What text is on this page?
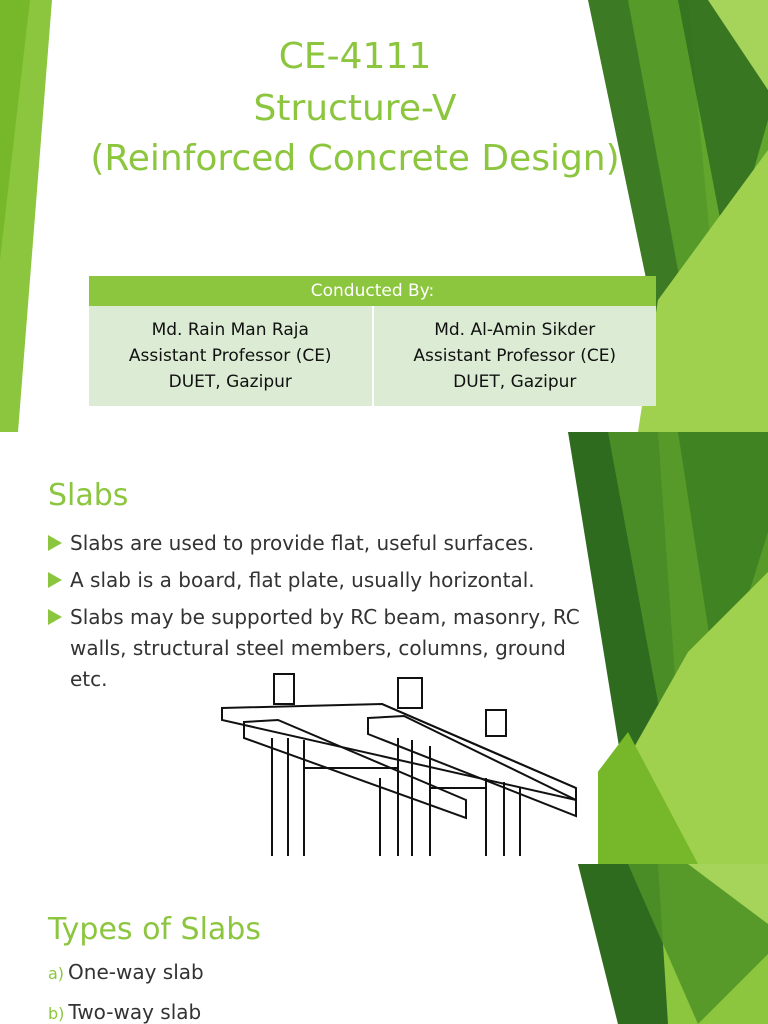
CE-4111
Structure-V
(Reinforced Concrete Design)
Conducted By:

Md. Rain Man Raja
Assistant Professor (CE)
DUET, Gazipur

Md. Al-Amin Sikder
Assistant Professor (CE)
DUET, Gazipur
Slabs
Slabs are used to provide flat, useful surfaces.
A slab is a board, flat plate, usually horizontal.
Slabs may be supported by RC beam, masonry, RC walls, structural steel members, columns, ground etc.
Types of Slabs
a) One-way slab
b) Two-way slab
